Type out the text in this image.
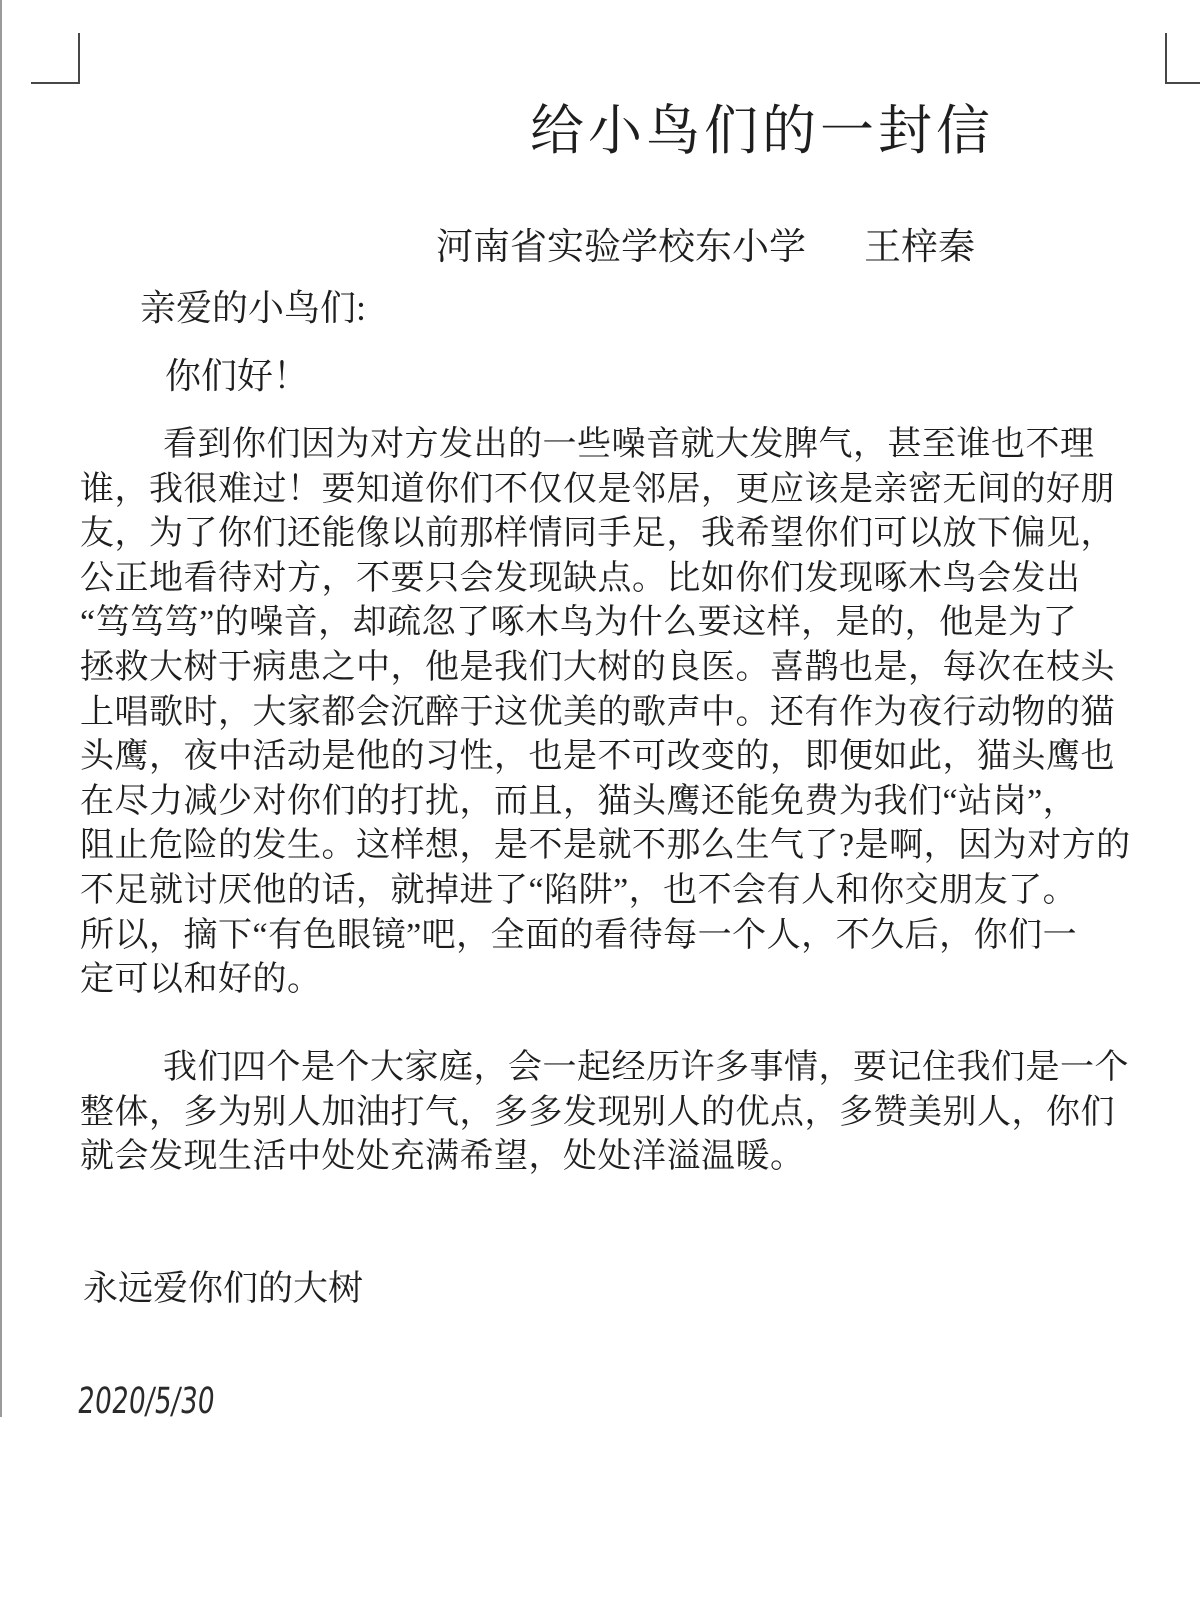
给小鸟们的一封信
河南省实验学校东小学 王梓秦
亲爱的小鸟们:
你们好！
看到你们因为对方发出的一些噪音就大发脾气，甚至谁也不理
谁，我很难过！要知道你们不仅仅是邻居，更应该是亲密无间的好朋
友，为了你们还能像以前那样情同手足，我希望你们可以放下偏见，
公正地看待对方，不要只会发现缺点。比如你们发现啄木鸟会发出
“笃笃笃”的噪音，却疏忽了啄木鸟为什么要这样，是的，他是为了
拯救大树于病患之中，他是我们大树的良医。喜鹊也是，每次在枝头
上唱歌时，大家都会沉醉于这优美的歌声中。还有作为夜行动物的猫
头鹰，夜中活动是他的习性，也是不可改变的，即便如此，猫头鹰也
在尽力减少对你们的打扰，而且，猫头鹰还能免费为我们“站岗”，
阻止危险的发生。这样想，是不是就不那么生气了?是啊，因为对方的
不足就讨厌他的话，就掉进了“陷阱”，也不会有人和你交朋友了。
所以，摘下“有色眼镜”吧，全面的看待每一个人，不久后，你们一
定可以和好的。
我们四个是个大家庭，会一起经历许多事情，要记住我们是一个
整体，多为别人加油打气，多多发现别人的优点，多赞美别人，你们
就会发现生活中处处充满希望，处处洋溢温暖。
永远爱你们的大树
2020/5/30
